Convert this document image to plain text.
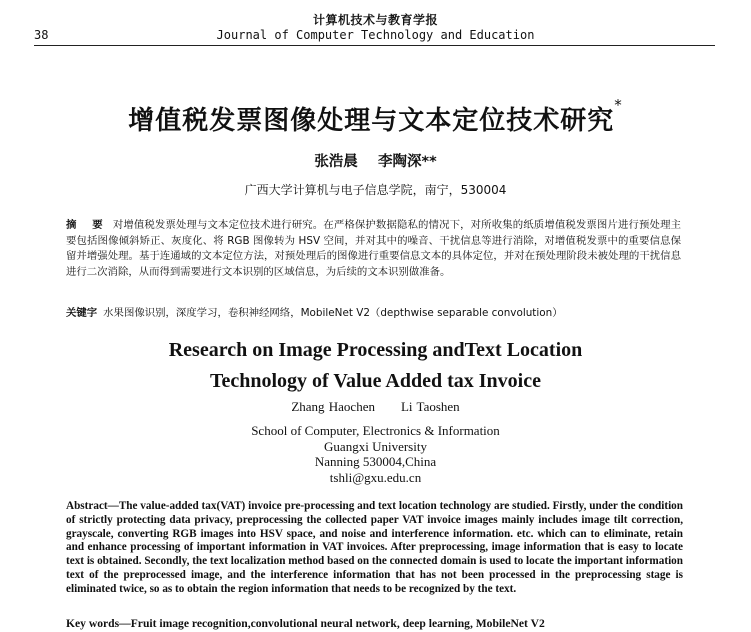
计算机技术与教育学报
38	Journal of Computer Technology and Education
增值税发票图像处理与文本定位技术研究*
张浩晨    李陶深**
广西大学计算机与电子信息学院，南宁，530004
摘 要 对增值税发票处理与文本定位技术进行研究。在严格保护数据隐私的情况下，对所收集的纸质增值税发票图片进行预处理主要包括图像倾斜矫正、灰度化、将 RGB 图像转为 HSV 空间，并对其中的噪音、干扰信息等进行消除，对增值税发票中的重要信息保留并增强处理。基于连通域的文本定位方法，对预处理后的图像进行重要信息文本的具体定位，并对在预处理阶段未被处理的干扰信息进行二次消除，从而得到需要进行文本识别的区域信息，为后续的文本识别做准备。
关键字 水果图像识别，深度学习，卷积神经网络，MobileNet V2（depthwise separable convolution）
Research on Image Processing andText Location
Technology of Value Added tax Invoice
Zhang Haochen Li Taoshen
School of Computer, Electronics & Information
Guangxi University
Nanning 530004,China
tshli@gxu.edu.cn
Abstract—The value-added tax(VAT) invoice pre-processing and text location technology are studied. Firstly, under the condition of strictly protecting data privacy, preprocessing the collected paper VAT invoice images mainly includes image tilt correction, grayscale, converting RGB images into HSV space, and noise and interference information. etc. which can to eliminate, retain and enhance processing of important information in VAT invoices. After preprocessing, image information that is easy to locate text is obtained. Secondly, the text localization method based on the connected domain is used to locate the important information text of the preprocessed image, and the interference information that has not been processed in the preprocessing stage is eliminated twice, so as to obtain the region information that needs to be recognized by the text.
Key words—Fruit image recognition,convolutional neural network, deep learning, MobileNet V2
